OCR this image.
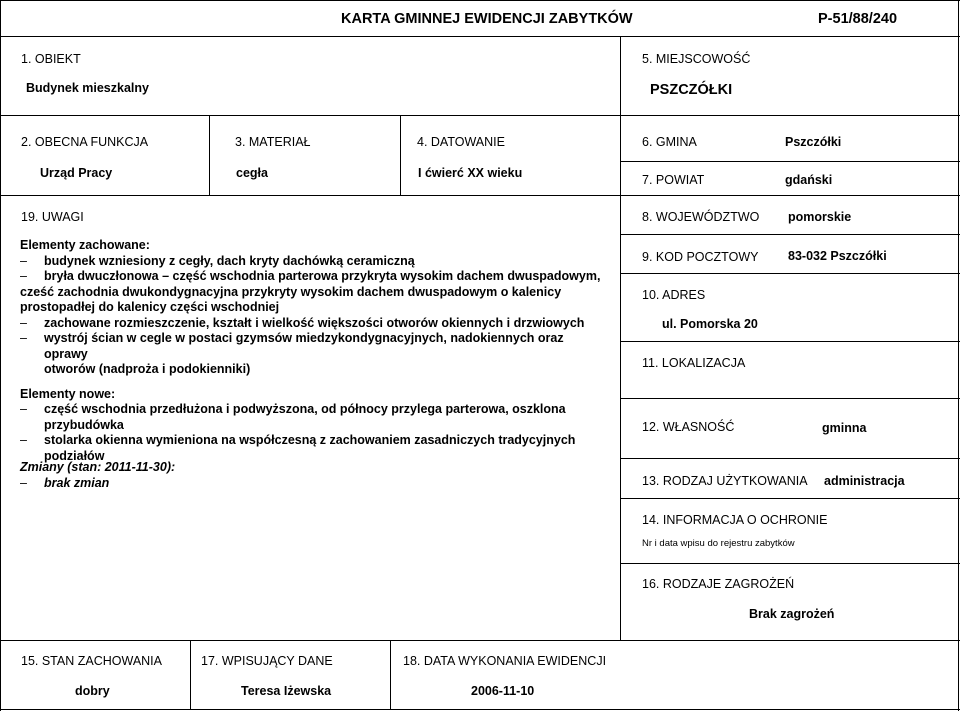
KARTA GMINNEJ EWIDENCJI ZABYTKÓW	P-51/88/240
1. OBIEKT
Budynek mieszkalny
2. OBECNA FUNKCJA
Urząd Pracy
3. MATERIAŁ
cegła
4. DATOWANIE
I ćwierć XX wieku
5. MIEJSCOWOŚĆ
PSZCZÓŁKI
6. GMINA	Pszczółki
7. POWIAT	gdański
8. WOJEWÓDZTWO pomorskie
9. KOD POCZTOWY 83-032 Pszczółki
10. ADRES
ul. Pomorska 20
11. LOKALIZACJA
12. WŁASNOŚĆ	gminna
13. RODZAJ UŻYTKOWANIA administracja
14. INFORMACJA O OCHRONIE
Nr i data wpisu do rejestru zabytków
16. RODZAJE ZAGROŻEŃ
Brak zagrożeń
19. UWAGI
Elementy zachowane:
– budynek wzniesiony z cegły, dach kryty dachówką ceramiczną
– bryła dwuczłonowa – część wschodnia parterowa przykryta wysokim dachem dwuspadowym,
cześć zachodnia dwukondygnacyjna przykryty wysokim dachem dwuspadowym o kalenicy
prostopadłej do kalenicy części wschodniej
– zachowane rozmieszczenie, kształt i wielkość większości otworów okiennych i drzwiowych
– wystrój ścian w cegle w postaci gzymsów miedzykondygnacyjnych, nadokiennych oraz oprawy
otworów (nadproża i podokienniki)
Elementy nowe:
– część wschodnia przedłużona i podwyższona, od północy przylega parterowa, oszklona
przybudówka
– stolarka okienna wymieniona na współczesną z zachowaniem zasadniczych tradycyjnych
podziałów
Zmiany (stan: 2011-11-30):
– brak zmian
15. STAN ZACHOWANIA
dobry
17. WPISUJĄCY DANE
Teresa Iżewska
18. DATA WYKONANIA EWIDENCJI
2006-11-10
